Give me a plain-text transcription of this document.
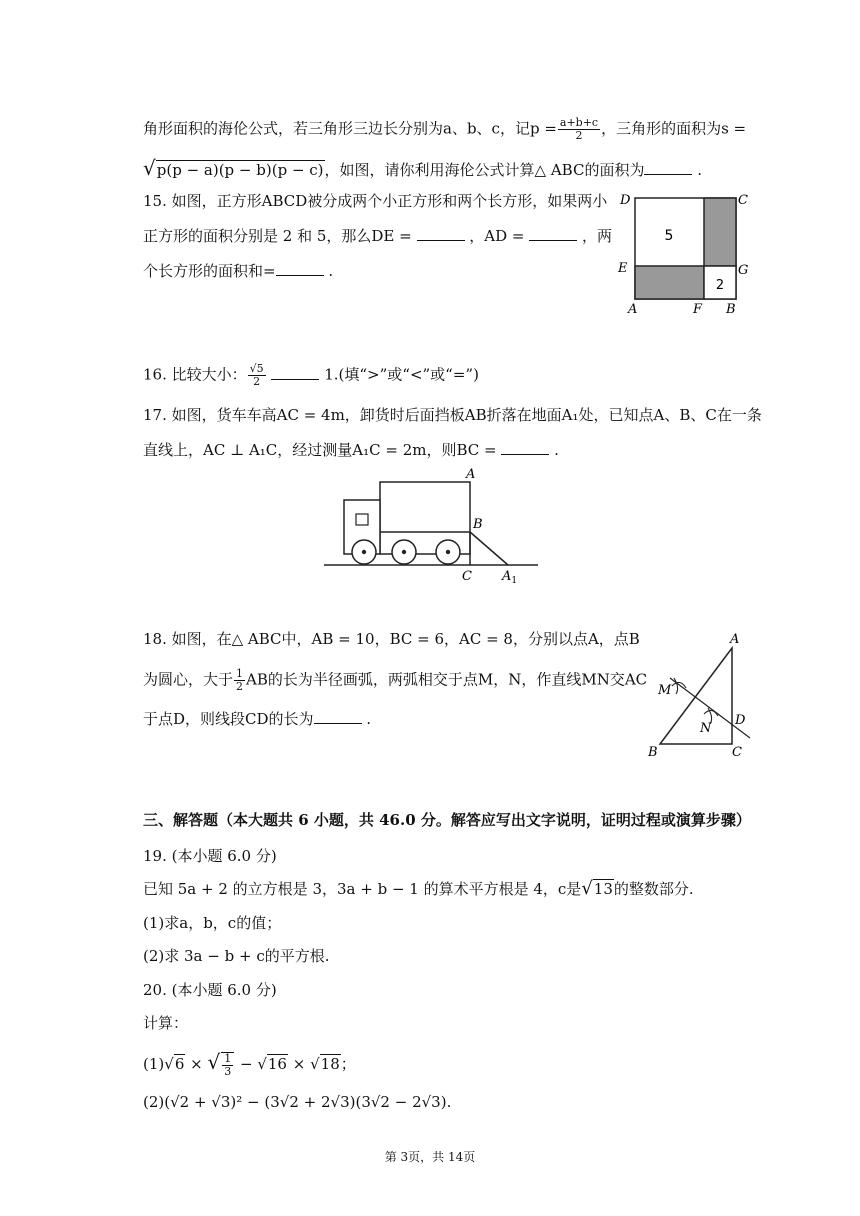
角形面积的海伦公式，若三角形三边长分别为a、b、c，记$p = \frac{a+b+c}{2}$ ，三角形的面积为s =
√p(p − a)(p − b)(p − c)，如图，请你利用海伦公式计算△ ABC的面积为	.
15. 如图，正方形ABCD被分成两个小正方形和两个长方形，如果两小
正方形的面积分别是 2 和 5，那么DE =	，AD =	，两
个长方形的面积和=	.
5
2
D	C
E	G
A	F B
16. 比较大小： $\frac{√5}{2}$	1.(填“>”或“<”或“=”)
17. 如图，货车车高AC = 4m，卸货时后面挡板AB折落在地面A₁处，已知点A、B、C在一条
直线上，AC ⊥ A₁C，经过测量A₁C = 2m，则BC =	.
A
B
C $A_1$
18. 如图，在△ ABC中，AB = 10，BC = 6，AC = 8，分别以点A，点B
为圆心，大于 $\frac{1}{2}$ AB的长为半径画弧，两弧相交于点M，N，作直线MN交AC
于点D，则线段CD的长为	.
A
M
N
D
B	C
三、解答题（本大题共 6 小题，共 46.0 分。解答应写出文字说明，证明过程或演算步骤）
19. (本小题 6.0 分)
已知 5a + 2 的立方根是 3，3a + b − 1 的算术平方根是 4，c是√13的整数部分.
(1)求a，b，c的值；
(2)求 3a − b + c的平方根.
20. (本小题 6.0 分)
计算：
(1)√6 × √ $\frac{1}{3} - √16 \times √18$；
(2)(√2 + √3)² − (3√2 + 2√3)(3√2 − 2√3).
第 3页，共 14页
